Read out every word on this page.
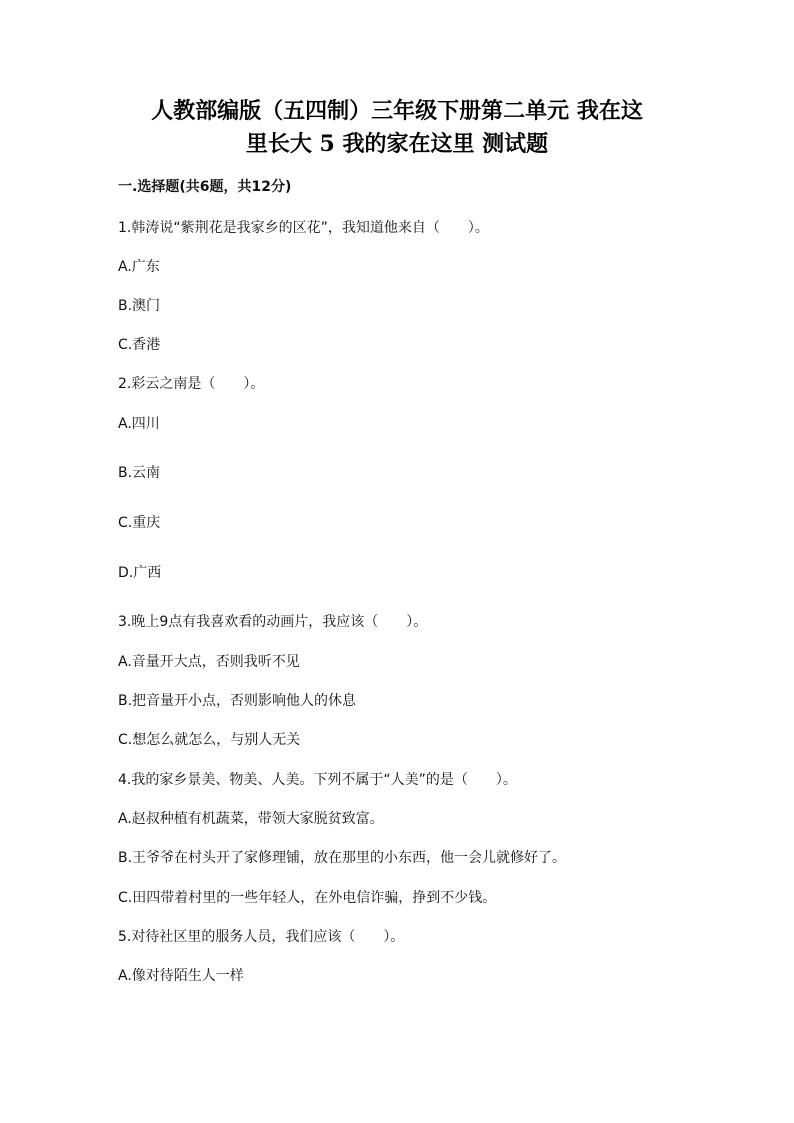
人教部编版（五四制）三年级下册第二单元 我在这
里长大 5 我的家在这里 测试题
一.选择题(共6题，共12分)
1.韩涛说“紫荆花是我家乡的区花”，我知道他来自（　　）。
A.广东
B.澳门
C.香港
2.彩云之南是（　　）。
A.四川
B.云南
C.重庆
D.广西
3.晚上9点有我喜欢看的动画片，我应该（　　）。
A.音量开大点，否则我听不见
B.把音量开小点，否则影响他人的休息
C.想怎么就怎么，与别人无关
4.我的家乡景美、物美、人美。下列不属于“人美”的是（　　）。
A.赵叔种植有机蔬菜，带领大家脱贫致富。
B.王爷爷在村头开了家修理铺，放在那里的小东西，他一会儿就修好了。
C.田四带着村里的一些年轻人，在外电信诈骗，挣到不少钱。
5.对待社区里的服务人员，我们应该（　　）。
A.像对待陌生人一样
